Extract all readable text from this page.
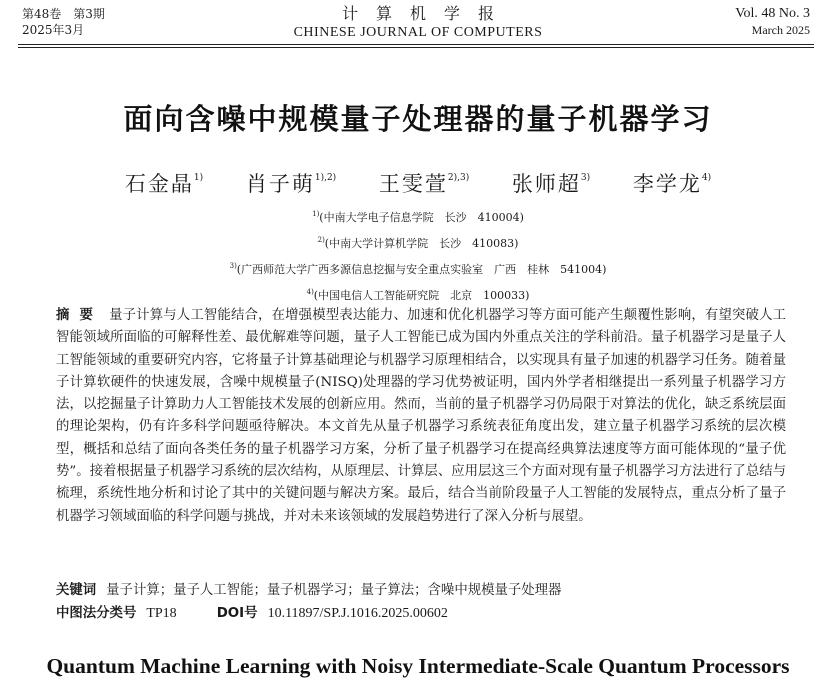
第48卷　第3期
2025年3月
计算机学报
CHINESE JOURNAL OF COMPUTERS
Vol. 48 No. 3
March 2025
面向含噪中规模量子处理器的量子机器学习
石金晶$^{1)}$ 肖子萌$^{1),2)}$ 王雯萱$^{2),3)}$ 张师超$^{3)}$ 李学龙$^{4)}$
$^{1)}$(中南大学电子信息学院　长沙　410004)
$^{2)}$(中南大学计算机学院　长沙　410083)
$^{3)}$(广西师范大学广西多源信息挖掘与安全重点实验室　广西　桂林　541004)
$^{4)}$(中国电信人工智能研究院　北京　100033)
摘要 量子计算与人工智能结合，在增强模型表达能力、加速和优化机器学习等方面可能产生颠覆性影响，有望突破人工智能领域所面临的可解释性差、最优解难等问题，量子人工智能已成为国内外重点关注的学科前沿。量子机器学习是量子人工智能领域的重要研究内容，它将量子计算基础理论与机器学习原理相结合，以实现具有量子加速的机器学习任务。随着量子计算软硬件的快速发展，含噪中规模量子(NISQ)处理器的学习优势被证明，国内外学者相继提出一系列量子机器学习方法，以挖掘量子计算助力人工智能技术发展的创新应用。然而，当前的量子机器学习仍局限于对算法的优化，缺乏系统层面的理论架构，仍有许多科学问题亟待解决。本文首先从量子机器学习系统表征角度出发，建立量子机器学习系统的层次模型，概括和总结了面向各类任务的量子机器学习方案，分析了量子机器学习在提高经典算法速度等方面可能体现的“量子优势”。接着根据量子机器学习系统的层次结构，从原理层、计算层、应用层这三个方面对现有量子机器学习方法进行了总结与梳理，系统性地分析和讨论了其中的关键问题与解决方案。最后，结合当前阶段量子人工智能的发展特点，重点分析了量子机器学习领域面临的科学问题与挑战，并对未来该领域的发展趋势进行了深入分析与展望。
关键词 量子计算；量子人工智能；量子机器学习；量子算法；含噪中规模量子处理器
中图法分类号 TP18	DOI号 10.11897/SP.J.1016.2025.00602
Quantum Machine Learning with Noisy Intermediate-Scale Quantum Processors
